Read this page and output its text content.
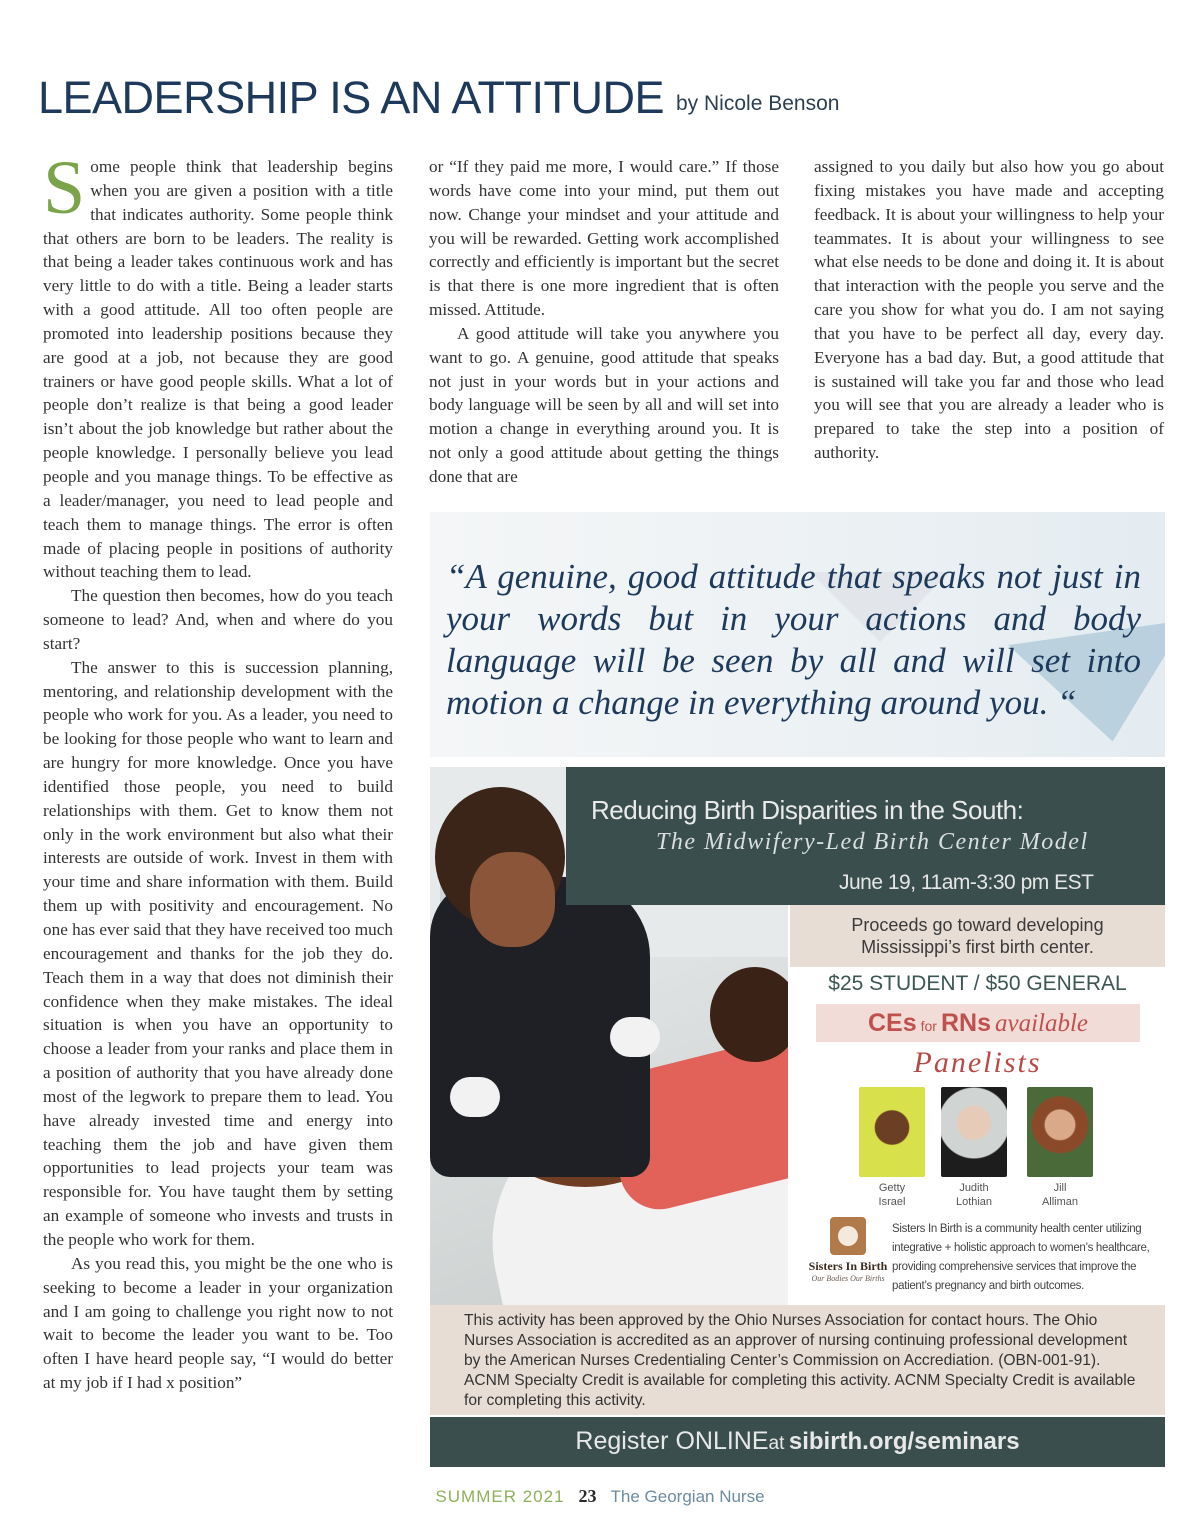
LEADERSHIP IS AN ATTITUDE by Nicole Benson

Some people think that leadership begins when you are given a position with a title that indicates authority. Some people think that others are born to be leaders. The reality is that being a leader takes continuous work and has very little to do with a title. Being a leader starts with a good attitude. All too often people are promoted into leadership positions because they are good at a job, not because they are good trainers or have good people skills. What a lot of people don’t realize is that being a good leader isn’t about the job knowledge but rather about the people knowledge. I personally believe you lead people and you manage things. To be effective as a leader/manager, you need to lead people and teach them to manage things. The error is often made of placing people in positions of authority without teaching them to lead.

The question then becomes, how do you teach someone to lead? And, when and where do you start?

The answer to this is succession planning, mentoring, and relationship development with the people who work for you. As a leader, you need to be looking for those people who want to learn and are hungry for more knowledge. Once you have identified those people, you need to build relationships with them. Get to know them not only in the work environment but also what their interests are outside of work. Invest in them with your time and share information with them. Build them up with positivity and encouragement. No one has ever said that they have received too much encouragement and thanks for the job they do. Teach them in a way that does not diminish their confidence when they make mistakes. The ideal situation is when you have an opportunity to choose a leader from your ranks and place them in a position of authority that you have already done most of the legwork to prepare them to lead. You have already invested time and energy into teaching them the job and have given them opportunities to lead projects your team was responsible for. You have taught them by setting an example of someone who invests and trusts in the people who work for them.

As you read this, you might be the one who is seeking to become a leader in your organization and I am going to challenge you right now to not wait to become the leader you want to be. Too often I have heard people say, “I would do better at my job if I had x position”

or “If they paid me more, I would care.” If those words have come into your mind, put them out now. Change your mindset and your attitude and you will be rewarded. Getting work accomplished correctly and efficiently is important but the secret is that there is one more ingredient that is often missed. Attitude.

A good attitude will take you anywhere you want to go. A genuine, good attitude that speaks not just in your words but in your actions and body language will be seen by all and will set into motion a change in everything around you. It is not only a good attitude about getting the things done that are

assigned to you daily but also how you go about fixing mistakes you have made and accepting feedback. It is about your willingness to help your teammates. It is about your willingness to see what else needs to be done and doing it. It is about that interaction with the people you serve and the care you show for what you do. I am not saying that you have to be perfect all day, every day. Everyone has a bad day. But, a good attitude that is sustained will take you far and those who lead you will see that you are already a leader who is prepared to take the step into a position of authority.

“A genuine, good attitude that speaks not just in your words but in your actions and body language will be seen by all and will set into motion a change in everything around you. “
Reducing Birth Disparities in the South:
The Midwifery-Led Birth Center Model
June 19, 11am-3:30 pm EST
Proceeds go toward developing
Mississippi’s first birth center.
$25 STUDENT / $50 GENERAL
CEs for RNs available
Panelists
Getty
Israel
Judith
Lothian
Jill
Alliman
Sisters In Birth
Our Bodies Our Births
Sisters In Birth is a community health center utilizing integrative + holistic approach to women’s healthcare, providing comprehensive services that improve the patient’s pregnancy and birth outcomes.
This activity has been approved by the Ohio Nurses Association for contact hours. The Ohio Nurses Association is accredited as an approver of nursing continuing professional development by the American Nurses Credentialing Center’s Commission on Accrediation. (OBN-001-91). ACNM Specialty Credit is available for completing this activity. ACNM Specialty Credit is available for completing this activity.
Register ONLINEat sibirth.org/seminars
SUMMER 2021 23 The Georgian Nurse
